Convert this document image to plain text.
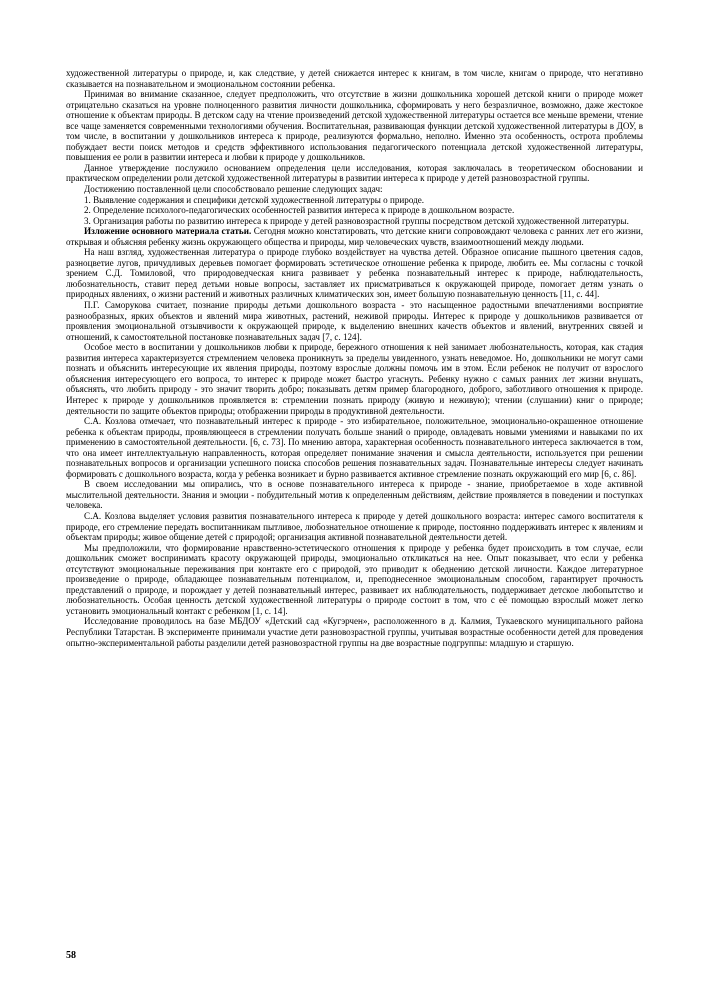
художественной литературы о природе, и, как следствие, у детей снижается интерес к книгам, в том числе, книгам о природе, что негативно сказывается на познавательном и эмоциональном состоянии ребенка.

Принимая во внимание сказанное, следует предположить, что отсутствие в жизни дошкольника хорошей детской книги о природе может отрицательно сказаться на уровне полноценного развития личности дошкольника, сформировать у него безразличное, возможно, даже жестокое отношение к объектам природы. В детском саду на чтение произведений детской художественной литературы остается все меньше времени, чтение все чаще заменяется современными технологиями обучения. Воспитательная, развивающая функции детской художественной литературы в ДОУ, в том числе, в воспитании у дошкольников интереса к природе, реализуются формально, неполно. Именно эта особенность, острота проблемы побуждает вести поиск методов и средств эффективного использования педагогического потенциала детской художественной литературы, повышения ее роли в развитии интереса и любви к природе у дошкольников.

Данное утверждение послужило основанием определения цели исследования, которая заключалась в теоретическом обосновании и практическом определении роли детской художественной литературы в развитии интереса к природе у детей разновозрастной группы.

Достижению поставленной цели способствовало решение следующих задач:

1. Выявление содержания и специфики детской художественной литературы о природе.

2. Определение психолого-педагогических особенностей развития интереса к природе в дошкольном возрасте.

3. Организация работы по развитию интереса к природе у детей разновозрастной группы посредством детской художественной литературы.

Изложение основного материала статьи. Сегодня можно констатировать, что детские книги сопровождают человека с ранних лет его жизни, открывая и объясняя ребенку жизнь окружающего общества и природы, мир человеческих чувств, взаимоотношений между людьми.

На наш взгляд, художественная литература о природе глубоко воздействует на чувства детей. Образное описание пышного цветения садов, разноцветие лугов, причудливых деревьев помогает формировать эстетическое отношение ребенка к природе, любить ее. Мы согласны с точкой зрением С.Д. Томиловой, что природоведческая книга развивает у ребенка познавательный интерес к природе, наблюдательность, любознательность, ставит перед детьми новые вопросы, заставляет их присматриваться к окружающей природе, помогает детям узнать о природных явлениях, о жизни растений и животных различных климатических зон, имеет большую познавательную ценность [11, с. 44].

П.Г. Саморукова считает, познание природы детьми дошкольного возраста - это насыщенное радостными впечатлениями восприятие разнообразных, ярких объектов и явлений мира животных, растений, неживой природы. Интерес к природе у дошкольников развивается от проявления эмоциональной отзывчивости к окружающей природе, к выделению внешних качеств объектов и явлений, внутренних связей и отношений, к самостоятельной постановке познавательных задач [7, с. 124].

Особое место в воспитании у дошкольников любви к природе, бережного отношения к ней занимает любознательность, которая, как стадия развития интереса характеризуется стремлением человека проникнуть за пределы увиденного, узнать неведомое. Но, дошкольники не могут сами познать и объяснить интересующие их явления природы, поэтому взрослые должны помочь им в этом. Если ребенок не получит от взрослого объяснения интересующего его вопроса, то интерес к природе может быстро угаснуть. Ребенку нужно с самых ранних лет жизни внушать, объяснять, что любить природу - это значит творить добро; показывать детям пример благородного, доброго, заботливого отношения к природе. Интерес к природе у дошкольников проявляется в: стремлении познать природу (живую и неживую); чтении (слушании) книг о природе; деятельности по защите объектов природы; отображении природы в продуктивной деятельности.

С.А. Козлова отмечает, что познавательный интерес к природе - это избирательное, положительное, эмоционально-окрашенное отношение ребенка к объектам природы, проявляющееся в стремлении получать больше знаний о природе, овладевать новыми умениями и навыками по их применению в самостоятельной деятельности. [6, с. 73]. По мнению автора, характерная особенность познавательного интереса заключается в том, что она имеет интеллектуальную направленность, которая определяет понимание значения и смысла деятельности, используется при решении познавательных вопросов и организации успешного поиска способов решения познавательных задач. Познавательные интересы следует начинать формировать с дошкольного возраста, когда у ребенка возникает и бурно развивается активное стремление познать окружающий его мир [6, с. 86].

В своем исследовании мы опирались, что в основе познавательного интереса к природе - знание, приобретаемое в ходе активной мыслительной деятельности. Знания и эмоции - побудительный мотив к определенным действиям, действие проявляется в поведении и поступках человека.

С.А. Козлова выделяет условия развития познавательного интереса к природе у детей дошкольного возраста: интерес самого воспитателя к природе, его стремление передать воспитанникам пытливое, любознательное отношение к природе, постоянно поддерживать интерес к явлениям и объектам природы; живое общение детей с природой; организация активной познавательной деятельности детей.

Мы предположили, что формирование нравственно-эстетического отношения к природе у ребенка будет происходить в том случае, если дошкольник сможет воспринимать красоту окружающей природы, эмоционально откликаться на нее. Опыт показывает, что если у ребенка отсутствуют эмоциональные переживания при контакте его с природой, это приводит к обеднению детской личности. Каждое литературное произведение о природе, обладающее познавательным потенциалом, и, преподнесенное эмоциональным способом, гарантирует прочность представлений о природе, и порождает у детей познавательный интерес, развивает их наблюдательность, поддерживает детское любопытство и любознательность. Особая ценность детской художественной литературы о природе состоит в том, что с её помощью взрослый может легко установить эмоциональный контакт с ребенком [1, с. 14].

Исследование проводилось на базе МБДОУ «Детский сад «Кугэрчен», расположенного в д. Калмия, Тукаевского муниципального района Республики Татарстан. В эксперименте принимали участие дети разновозрастной группы, учитывая возрастные особенности детей для проведения опытно-экспериментальной работы разделили детей разновозрастной группы на две возрастные подгруппы: младшую и старшую.

58
